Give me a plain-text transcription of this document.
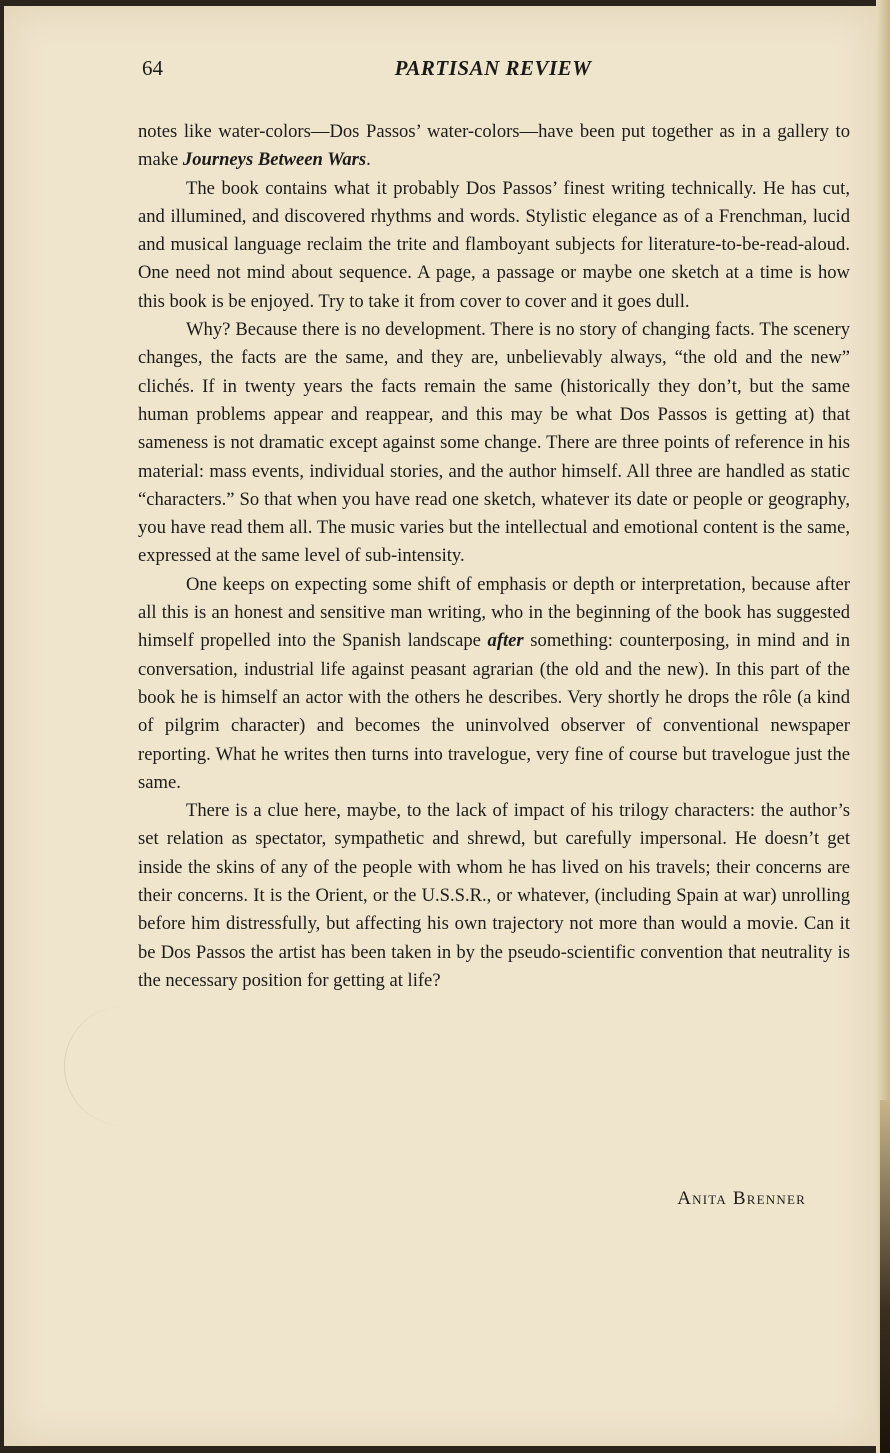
64	PARTISAN REVIEW

notes like water-colors—Dos Passos’ water-colors—have been put together as in a gallery to make Journeys Between Wars.

The book contains what it probably Dos Passos’ finest writing technically. He has cut, and illumined, and discovered rhythms and words. Stylistic elegance as of a Frenchman, lucid and musical language reclaim the trite and flamboyant subjects for literature-to-be-read-aloud. One need not mind about sequence. A page, a passage or maybe one sketch at a time is how this book is be enjoyed. Try to take it from cover to cover and it goes dull.

Why? Because there is no development. There is no story of changing facts. The scenery changes, the facts are the same, and they are, unbelievably always, “the old and the new” clichés. If in twenty years the facts remain the same (historically they don’t, but the same human problems appear and reappear, and this may be what Dos Passos is getting at) that sameness is not dramatic except against some change. There are three points of reference in his material: mass events, individual stories, and the author himself. All three are handled as static “characters.” So that when you have read one sketch, whatever its date or people or geography, you have read them all. The music varies but the intellectual and emotional content is the same, expressed at the same level of sub-intensity.

One keeps on expecting some shift of emphasis or depth or interpretation, because after all this is an honest and sensitive man writing, who in the beginning of the book has suggested himself propelled into the Spanish landscape after something: counterposing, in mind and in conversation, industrial life against peasant agrarian (the old and the new). In this part of the book he is himself an actor with the others he describes. Very shortly he drops the rôle (a kind of pilgrim character) and becomes the uninvolved observer of conventional newspaper reporting. What he writes then turns into travelogue, very fine of course but travelogue just the same.

There is a clue here, maybe, to the lack of impact of his trilogy characters: the author’s set relation as spectator, sympathetic and shrewd, but carefully impersonal. He doesn’t get inside the skins of any of the people with whom he has lived on his travels; their concerns are their concerns. It is the Orient, or the U.S.S.R., or whatever, (including Spain at war) unrolling before him distressfully, but affecting his own trajectory not more than would a movie. Can it be Dos Passos the artist has been taken in by the pseudo-scientific convention that neutrality is the necessary position for getting at life?

Anita Brenner
